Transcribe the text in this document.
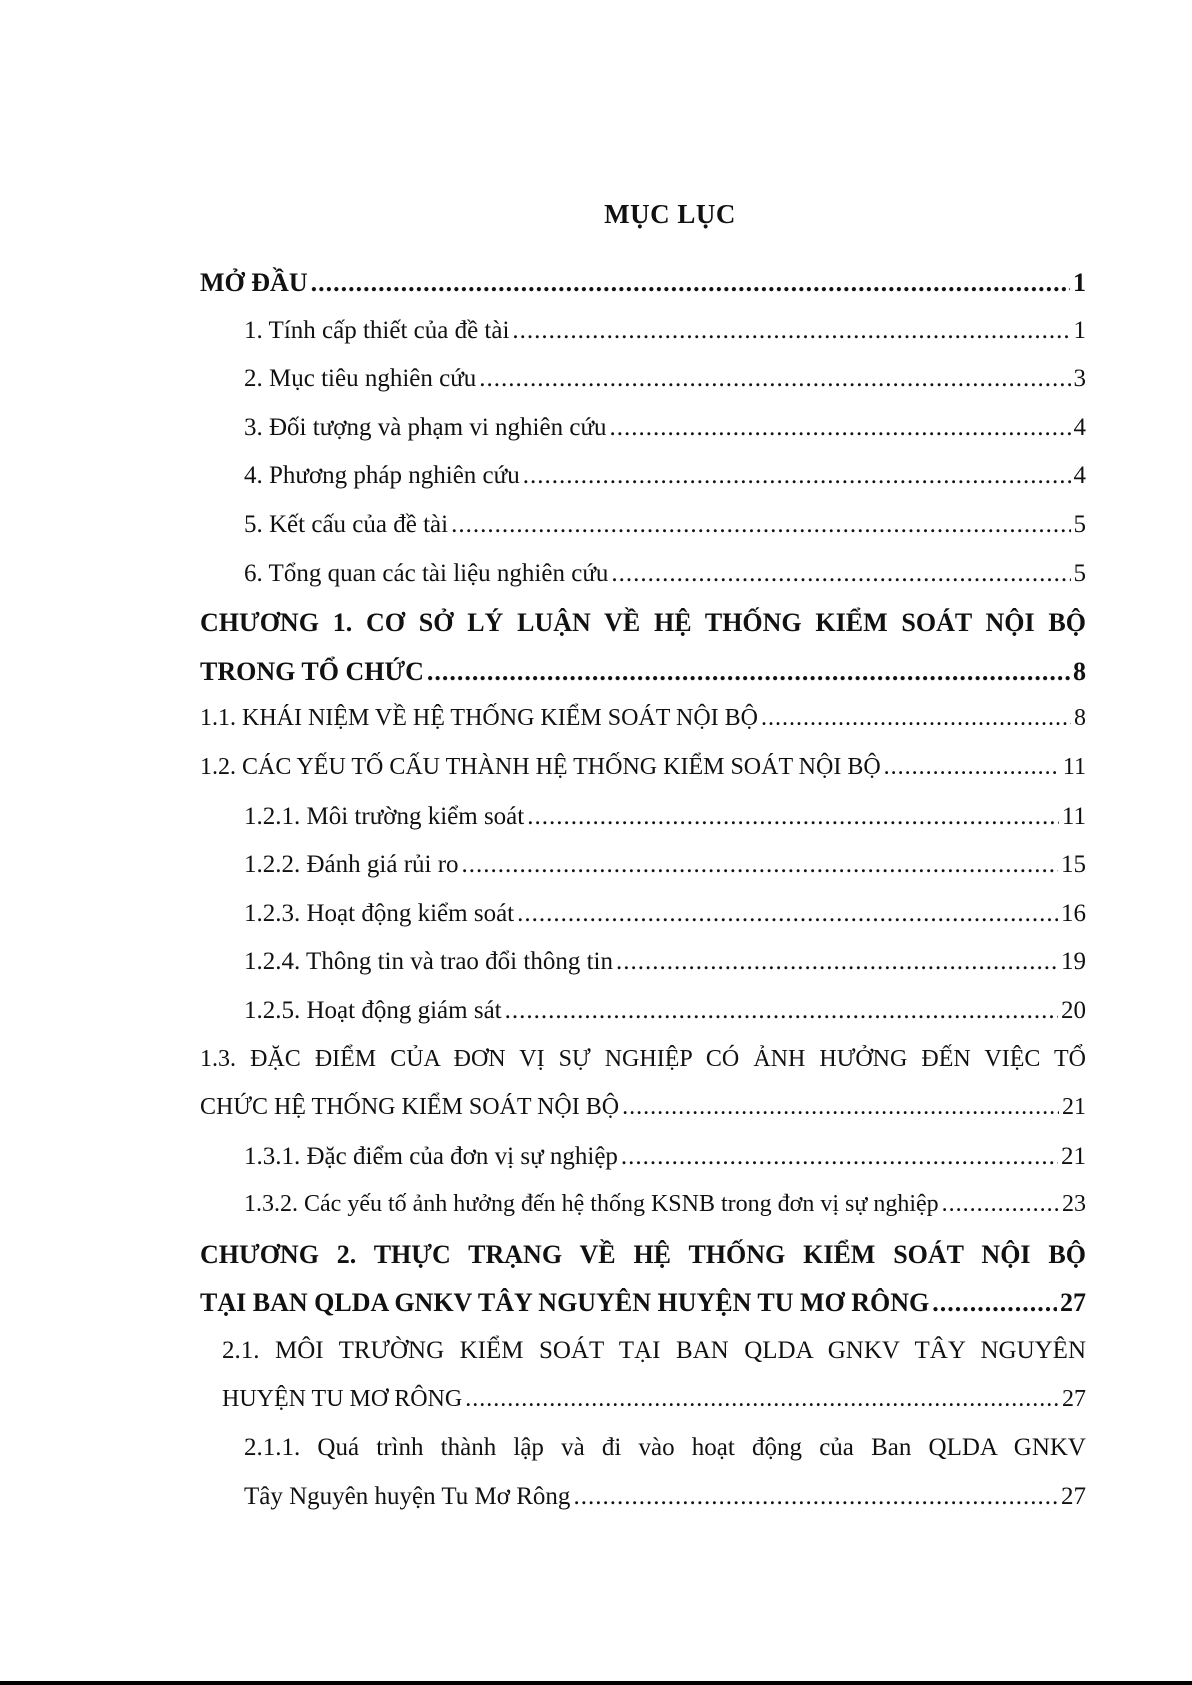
MỤC LỤC
MỞ ĐẦU .....	1
1. Tính cấp thiết của đề tài .....	1
2. Mục tiêu nghiên cứu .....	3
3. Đối tượng và phạm vi nghiên cứu .....	4
4. Phương pháp nghiên cứu .....	4
5. Kết cấu của đề tài .....	5
6. Tổng quan các tài liệu nghiên cứu .....	5
CHƯƠNG 1. CƠ SỞ LÝ LUẬN VỀ HỆ THỐNG KIỂM SOÁT NỘI BỘ
TRONG TỔ CHỨC .....	8
1.1. KHÁI NIỆM VỀ HỆ THỐNG KIỂM SOÁT NỘI BỘ .....	8
1.2. CÁC YẾU TỐ CẤU THÀNH HỆ THỐNG KIỂM SOÁT NỘI BỘ .....	11
1.2.1. Môi trường kiểm soát .....	11
1.2.2. Đánh giá rủi ro .....	15
1.2.3. Hoạt động kiểm soát .....	16
1.2.4. Thông tin và trao đổi thông tin .....	19
1.2.5. Hoạt động giám sát .....	20
1.3. ĐẶC ĐIỂM CỦA ĐƠN VỊ SỰ NGHIỆP CÓ ẢNH HƯỞNG ĐẾN VIỆC TỔ
CHỨC HỆ THỐNG KIỂM SOÁT NỘI BỘ .....	21
1.3.1. Đặc điểm của đơn vị sự nghiệp .....	21
1.3.2. Các yếu tố ảnh hưởng đến hệ thống KSNB trong đơn vị sự nghiệp .....	23
CHƯƠNG 2. THỰC TRẠNG VỀ HỆ THỐNG KIỂM SOÁT NỘI BỘ
TẠI BAN QLDA GNKV TÂY NGUYÊN HUYỆN TU MƠ RÔNG .....	27
2.1. MÔI TRƯỜNG KIỂM SOÁT TẠI BAN QLDA GNKV TÂY NGUYÊN
HUYỆN TU MƠ RÔNG .....	27
2.1.1. Quá trình thành lập và đi vào hoạt động của Ban QLDA GNKV
Tây Nguyên huyện Tu Mơ Rông .....	27
